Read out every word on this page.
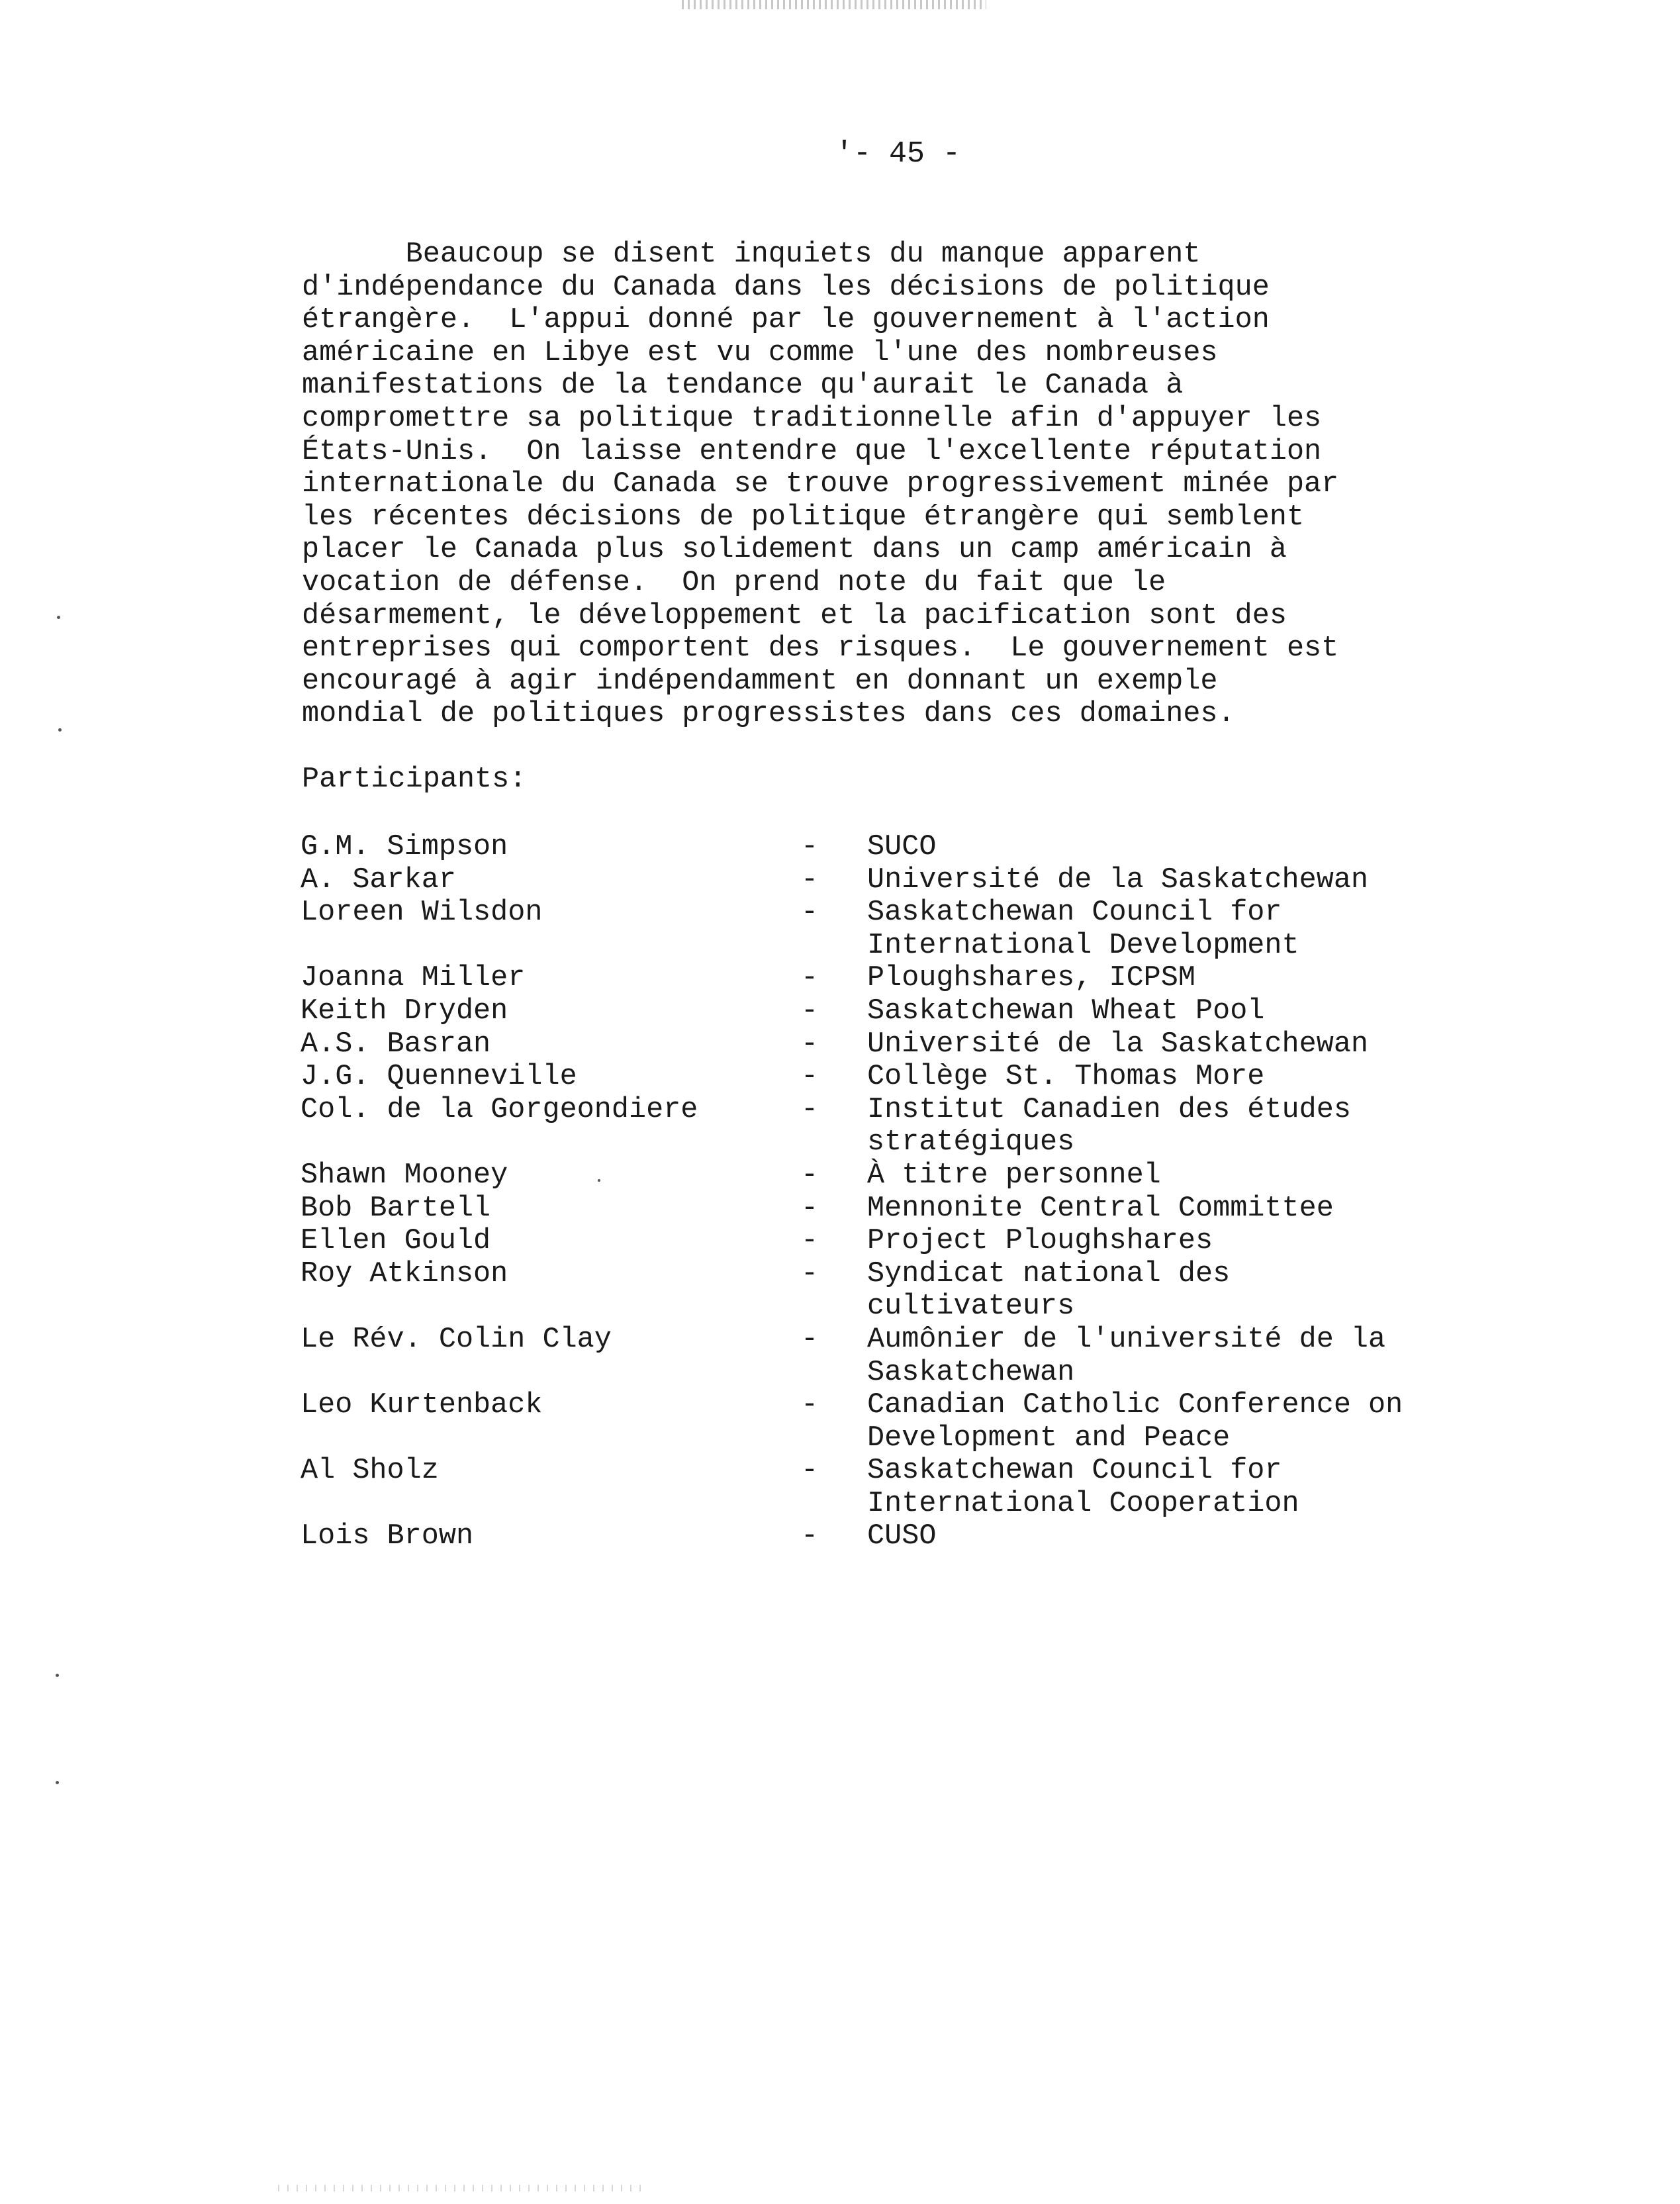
'- 45 -

Beaucoup se disent inquiets du manque apparent
d'indépendance du Canada dans les décisions de politique
étrangère.  L'appui donné par le gouvernement à l'action
américaine en Libye est vu comme l'une des nombreuses
manifestations de la tendance qu'aurait le Canada à
compromettre sa politique traditionnelle afin d'appuyer les
États-Unis.  On laisse entendre que l'excellente réputation
internationale du Canada se trouve progressivement minée par
les récentes décisions de politique étrangère qui semblent
placer le Canada plus solidement dans un camp américain à
vocation de défense.  On prend note du fait que le
désarmement, le développement et la pacification sont des
entreprises qui comportent des risques.  Le gouvernement est
encouragé à agir indépendamment en donnant un exemple
mondial de politiques progressistes dans ces domaines.

Participants:
G.M. Simpson	-	SUCO
A. Sarkar	-	Université de la Saskatchewan
Loreen Wilsdon	-	Saskatchewan Council for
International Development
Joanna Miller	-	Ploughshares, ICPSM
Keith Dryden	-	Saskatchewan Wheat Pool
A.S. Basran	-	Université de la Saskatchewan
J.G. Quenneville	-	Collège St. Thomas More
Col. de la Gorgeondiere	-	Institut Canadien des études
stratégiques
Shawn Mooney	-	À titre personnel
Bob Bartell	-	Mennonite Central Committee
Ellen Gould	-	Project Ploughshares
Roy Atkinson	-	Syndicat national des
cultivateurs
Le Rév. Colin Clay	-	Aumônier de l'université de la
Saskatchewan
Leo Kurtenback	-	Canadian Catholic Conference on
Development and Peace
Al Sholz	-	Saskatchewan Council for
International Cooperation
Lois Brown	-	CUSO
